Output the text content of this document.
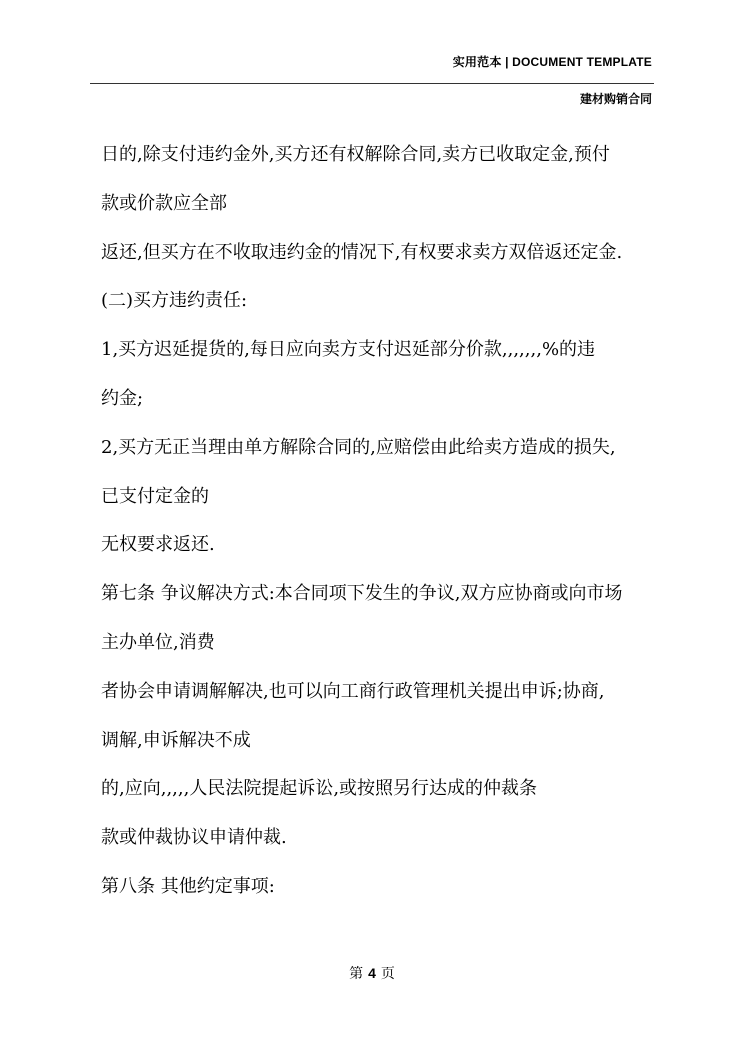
实用范本 | DOCUMENT TEMPLATE
建材购销合同
日的,除支付违约金外,买方还有权解除合同,卖方已收取定金,预付
款或价款应全部
返还,但买方在不收取违约金的情况下,有权要求卖方双倍返还定金.
(二)买方违约责任:
1,买方迟延提货的,每日应向卖方支付迟延部分价款,,,,,,,%的违
约金;
2,买方无正当理由单方解除合同的,应赔偿由此给卖方造成的损失,
已支付定金的
无权要求返还.
第七条 争议解决方式:本合同项下发生的争议,双方应协商或向市场
主办单位,消费
者协会申请调解解决,也可以向工商行政管理机关提出申诉;协商,
调解,申诉解决不成
的,应向,,,,,人民法院提起诉讼,或按照另行达成的仲裁条
款或仲裁协议申请仲裁.
第八条 其他约定事项:
第 4 页
